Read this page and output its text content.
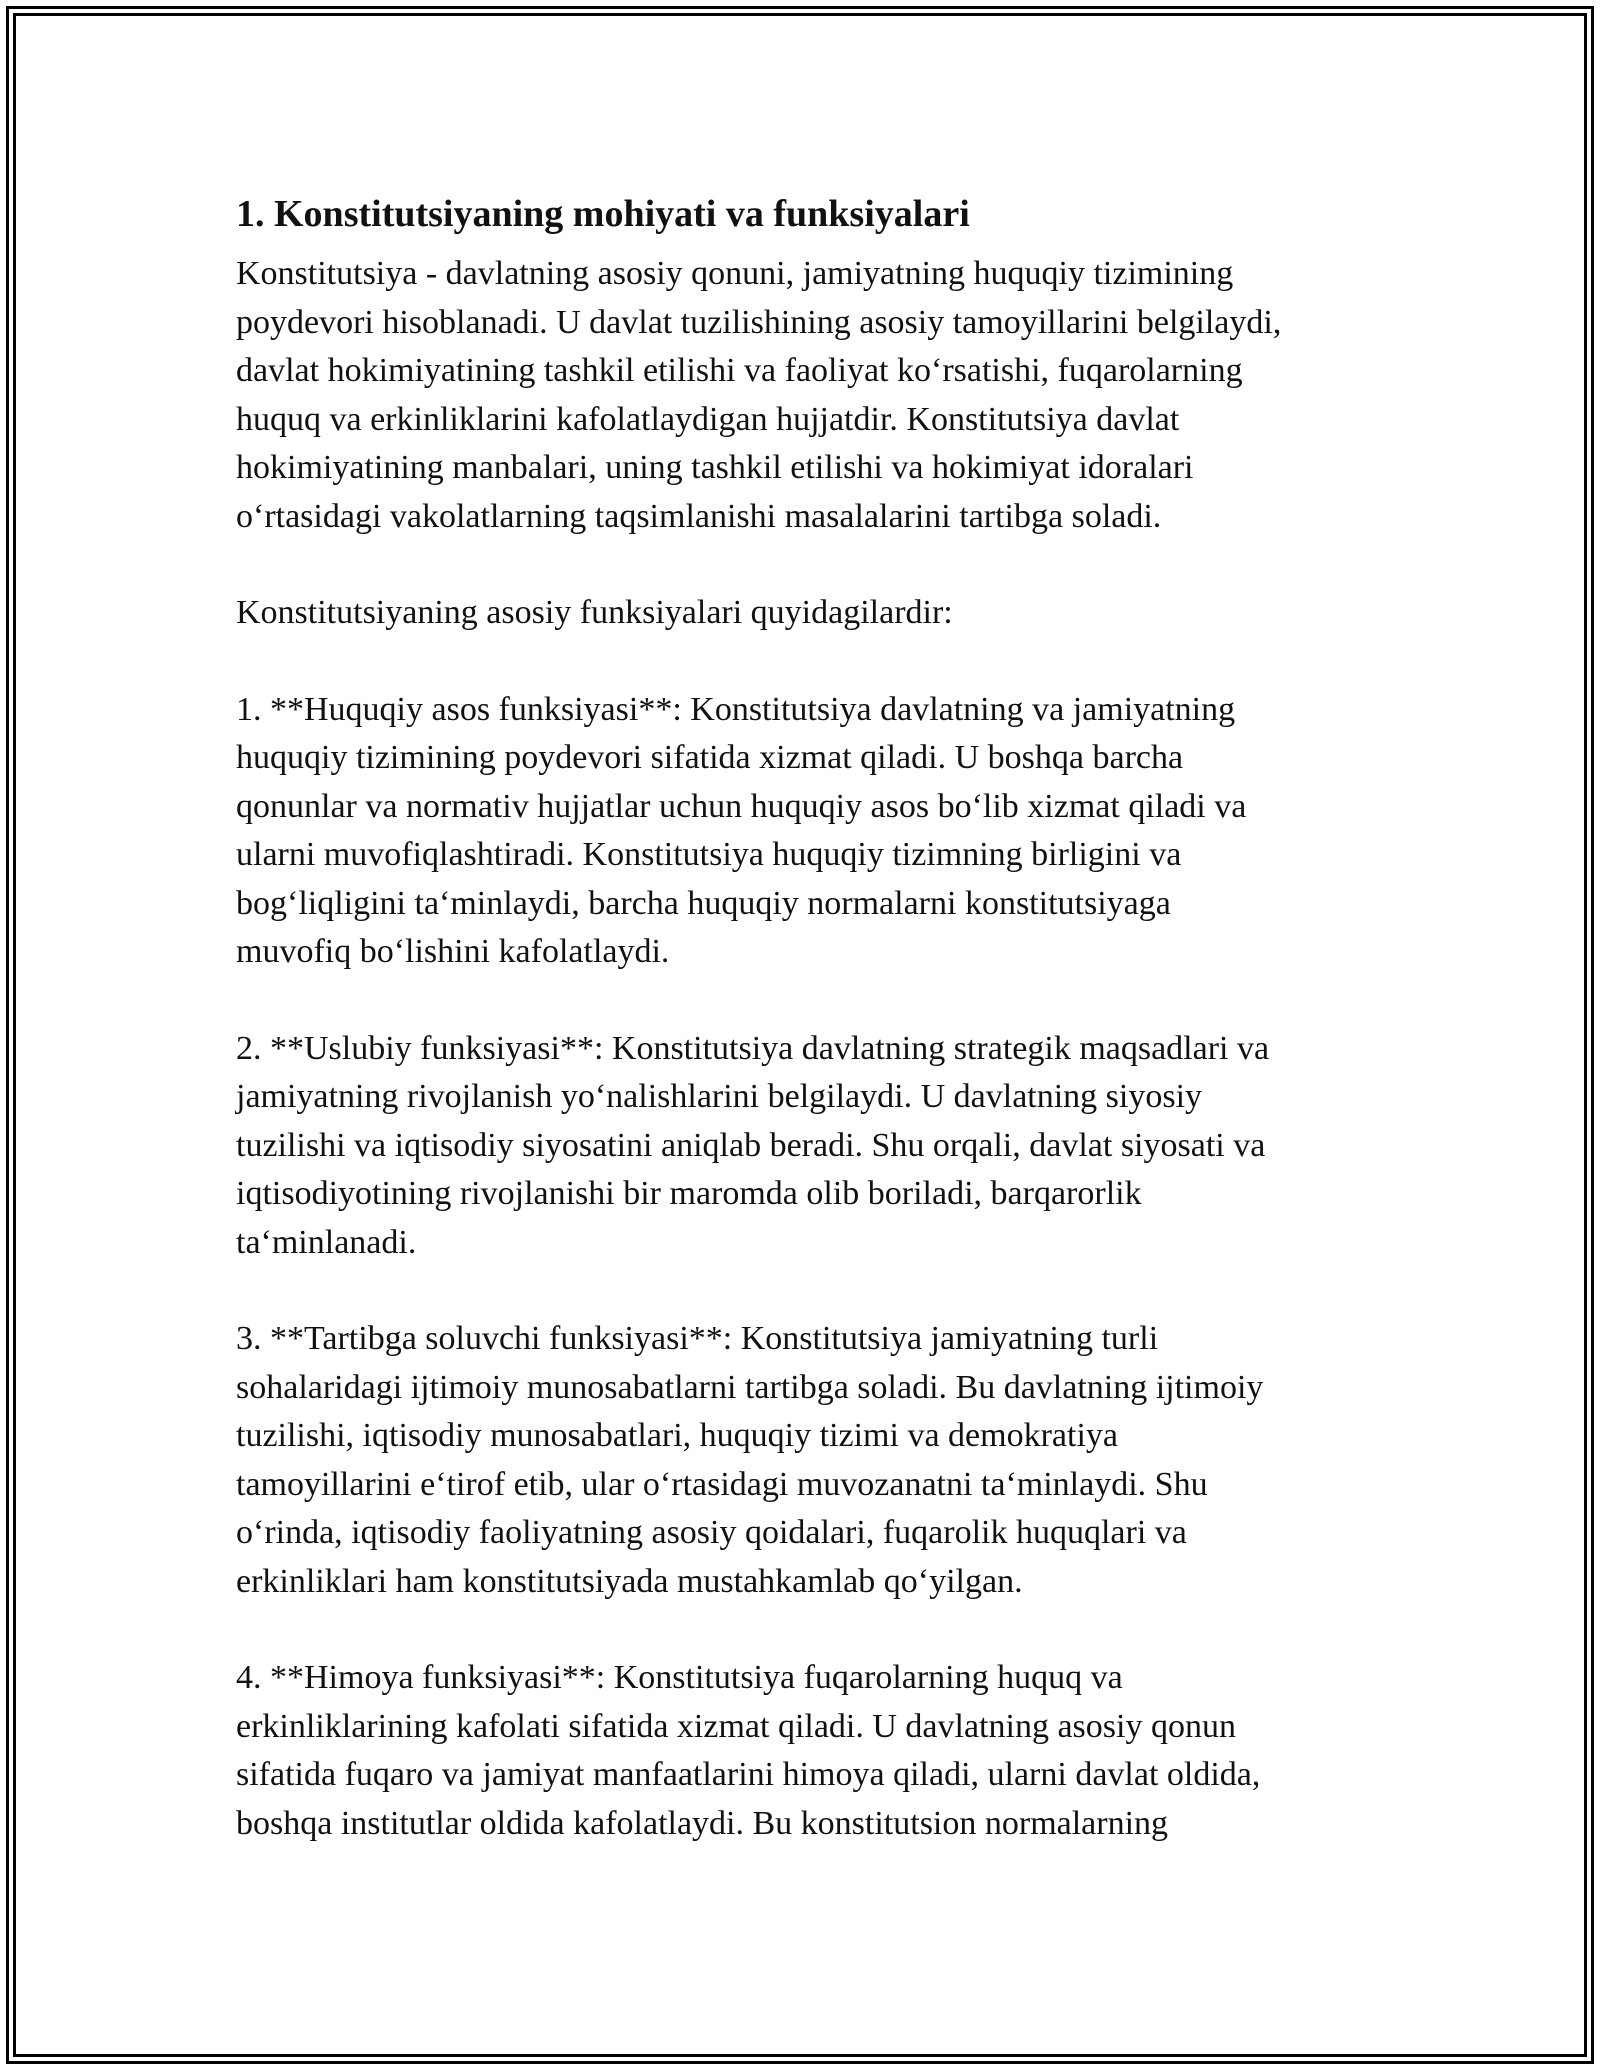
1. Konstitutsiyaning mohiyati va funksiyalari

Konstitutsiya - davlatning asosiy qonuni, jamiyatning huquqiy tizimining
poydevori hisoblanadi. U davlat tuzilishining asosiy tamoyillarini belgilaydi,
davlat hokimiyatining tashkil etilishi va faoliyat koʻrsatishi, fuqarolarning
huquq va erkinliklarini kafolatlaydigan hujjatdir. Konstitutsiya davlat
hokimiyatining manbalari, uning tashkil etilishi va hokimiyat idoralari
oʻrtasidagi vakolatlarning taqsimlanishi masalalarini tartibga soladi.

Konstitutsiyaning asosiy funksiyalari quyidagilardir:

1. **Huquqiy asos funksiyasi**: Konstitutsiya davlatning va jamiyatning
huquqiy tizimining poydevori sifatida xizmat qiladi. U boshqa barcha
qonunlar va normativ hujjatlar uchun huquqiy asos boʻlib xizmat qiladi va
ularni muvofiqlashtiradi. Konstitutsiya huquqiy tizimning birligini va
bogʻliqligini taʻminlaydi, barcha huquqiy normalarni konstitutsiyaga
muvofiq boʻlishini kafolatlaydi.

2. **Uslubiy funksiyasi**: Konstitutsiya davlatning strategik maqsadlari va
jamiyatning rivojlanish yoʻnalishlarini belgilaydi. U davlatning siyosiy
tuzilishi va iqtisodiy siyosatini aniqlab beradi. Shu orqali, davlat siyosati va
iqtisodiyotining rivojlanishi bir maromda olib boriladi, barqarorlik
taʻminlanadi.

3. **Tartibga soluvchi funksiyasi**: Konstitutsiya jamiyatning turli
sohalaridagi ijtimoiy munosabatlarni tartibga soladi. Bu davlatning ijtimoiy
tuzilishi, iqtisodiy munosabatlari, huquqiy tizimi va demokratiya
tamoyillarini eʻtirof etib, ular oʻrtasidagi muvozanatni taʻminlaydi. Shu
oʻrinda, iqtisodiy faoliyatning asosiy qoidalari, fuqarolik huquqlari va
erkinliklari ham konstitutsiyada mustahkamlab qoʻyilgan.

4. **Himoya funksiyasi**: Konstitutsiya fuqarolarning huquq va
erkinliklarining kafolati sifatida xizmat qiladi. U davlatning asosiy qonun
sifatida fuqaro va jamiyat manfaatlarini himoya qiladi, ularni davlat oldida,
boshqa institutlar oldida kafolatlaydi. Bu konstitutsion normalarning
